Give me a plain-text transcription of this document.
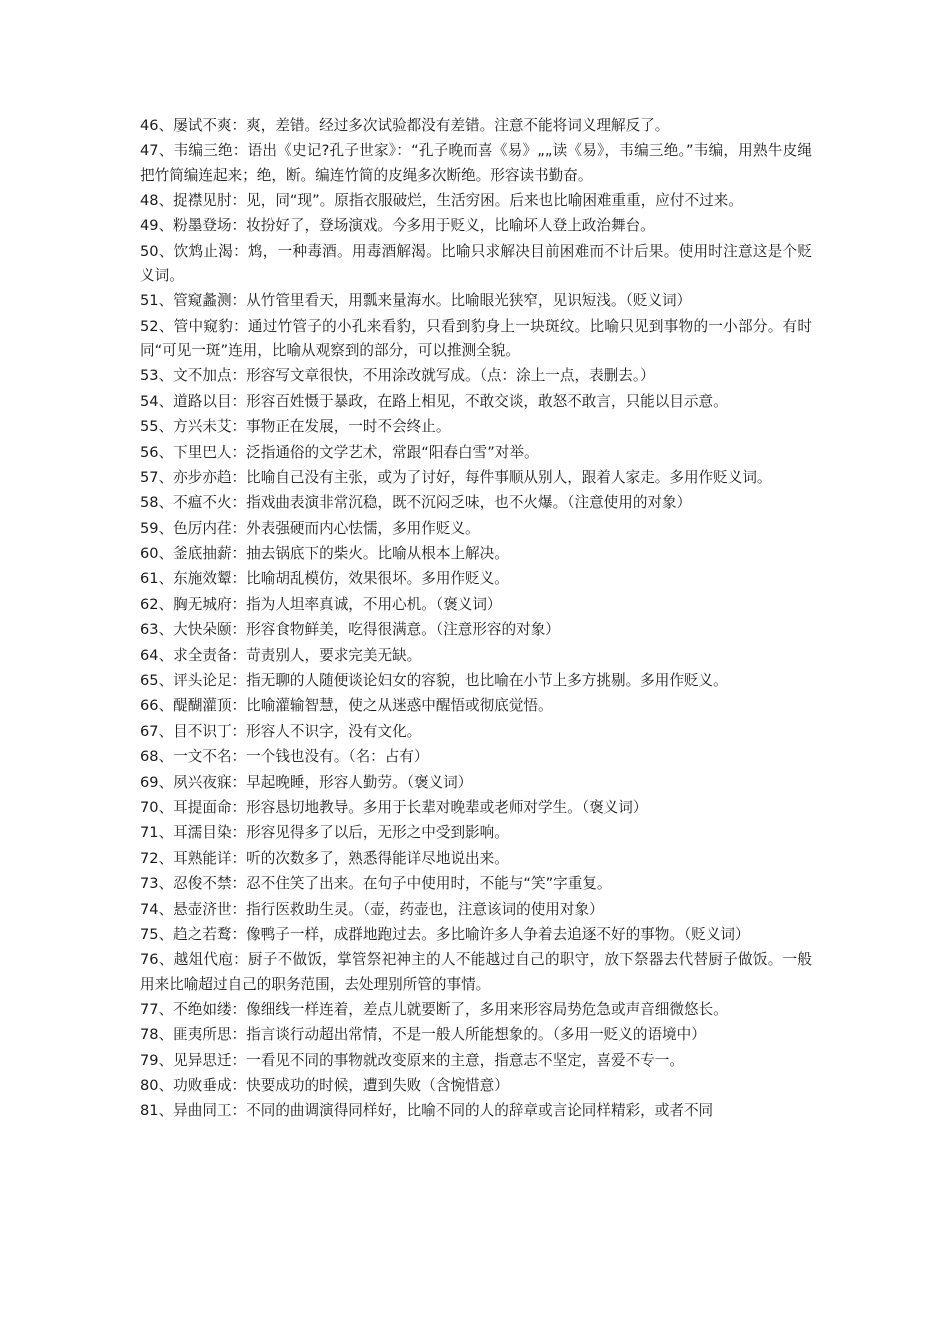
46、屡试不爽：爽，差错。经过多次试验都没有差错。注意不能将词义理解反了。

47、韦编三绝：语出《史记?孔子世家》：“孔子晚而喜《易》„„读《易》，韦编三绝。”韦编，用熟牛皮绳把竹简编连起来；绝，断。编连竹简的皮绳多次断绝。形容读书勤奋。

48、捉襟见肘：见，同“现”。原指衣服破烂，生活穷困。后来也比喻困难重重，应付不过来。

49、粉墨登场：妆扮好了，登场演戏。今多用于贬义，比喻坏人登上政治舞台。

50、饮鸩止渴：鸩，一种毒酒。用毒酒解渴。比喻只求解决目前困难而不计后果。使用时注意这是个贬义词。

51、管窥蠡测：从竹管里看天，用瓢来量海水。比喻眼光狭窄，见识短浅。（贬义词）

52、管中窥豹：通过竹管子的小孔来看豹，只看到豹身上一块斑纹。比喻只见到事物的一小部分。有时同“可见一斑”连用，比喻从观察到的部分，可以推测全貌。

53、文不加点：形容写文章很快，不用涂改就写成。（点：涂上一点，表删去。）

54、道路以目：形容百姓慑于暴政，在路上相见，不敢交谈，敢怒不敢言，只能以目示意。

55、方兴未艾：事物正在发展，一时不会终止。

56、下里巴人：泛指通俗的文学艺术，常跟“阳春白雪”对举。

57、亦步亦趋：比喻自己没有主张，或为了讨好，每件事顺从别人，跟着人家走。多用作贬义词。

58、不瘟不火：指戏曲表演非常沉稳，既不沉闷乏味，也不火爆。（注意使用的对象）

59、色厉内荏：外表强硬而内心怯懦，多用作贬义。

60、釜底抽薪：抽去锅底下的柴火。比喻从根本上解决。

61、东施效颦：比喻胡乱模仿，效果很坏。多用作贬义。

62、胸无城府：指为人坦率真诚，不用心机。（褒义词）

63、大快朵颐：形容食物鲜美，吃得很满意。（注意形容的对象）

64、求全责备：苛责别人，要求完美无缺。

65、评头论足：指无聊的人随便谈论妇女的容貌，也比喻在小节上多方挑剔。多用作贬义。

66、醍醐灌顶：比喻灌输智慧，使之从迷惑中醒悟或彻底觉悟。

67、目不识丁：形容人不识字，没有文化。

68、一文不名：一个钱也没有。（名：占有）

69、夙兴夜寐：早起晚睡，形容人勤劳。（褒义词）

70、耳提面命：形容恳切地教导。多用于长辈对晚辈或老师对学生。（褒义词）

71、耳濡目染：形容见得多了以后，无形之中受到影响。

72、耳熟能详：听的次数多了，熟悉得能详尽地说出来。

73、忍俊不禁：忍不住笑了出来。在句子中使用时，不能与“笑”字重复。

74、悬壶济世：指行医救助生灵。（壶，药壶也，注意该词的使用对象）

75、趋之若鹜：像鸭子一样，成群地跑过去。多比喻许多人争着去追逐不好的事物。（贬义词）

76、越俎代庖：厨子不做饭，掌管祭祀神主的人不能越过自己的职守，放下祭器去代替厨子做饭。一般用来比喻超过自己的职务范围，去处理别所管的事情。

77、不绝如缕：像细线一样连着，差点儿就要断了，多用来形容局势危急或声音细微悠长。

78、匪夷所思：指言谈行动超出常情，不是一般人所能想象的。（多用一贬义的语境中）

79、见异思迁：一看见不同的事物就改变原来的主意，指意志不坚定，喜爱不专一。

80、功败垂成：快要成功的时候，遭到失败（含惋惜意）

81、异曲同工：不同的曲调演得同样好，比喻不同的人的辞章或言论同样精彩，或者不同
